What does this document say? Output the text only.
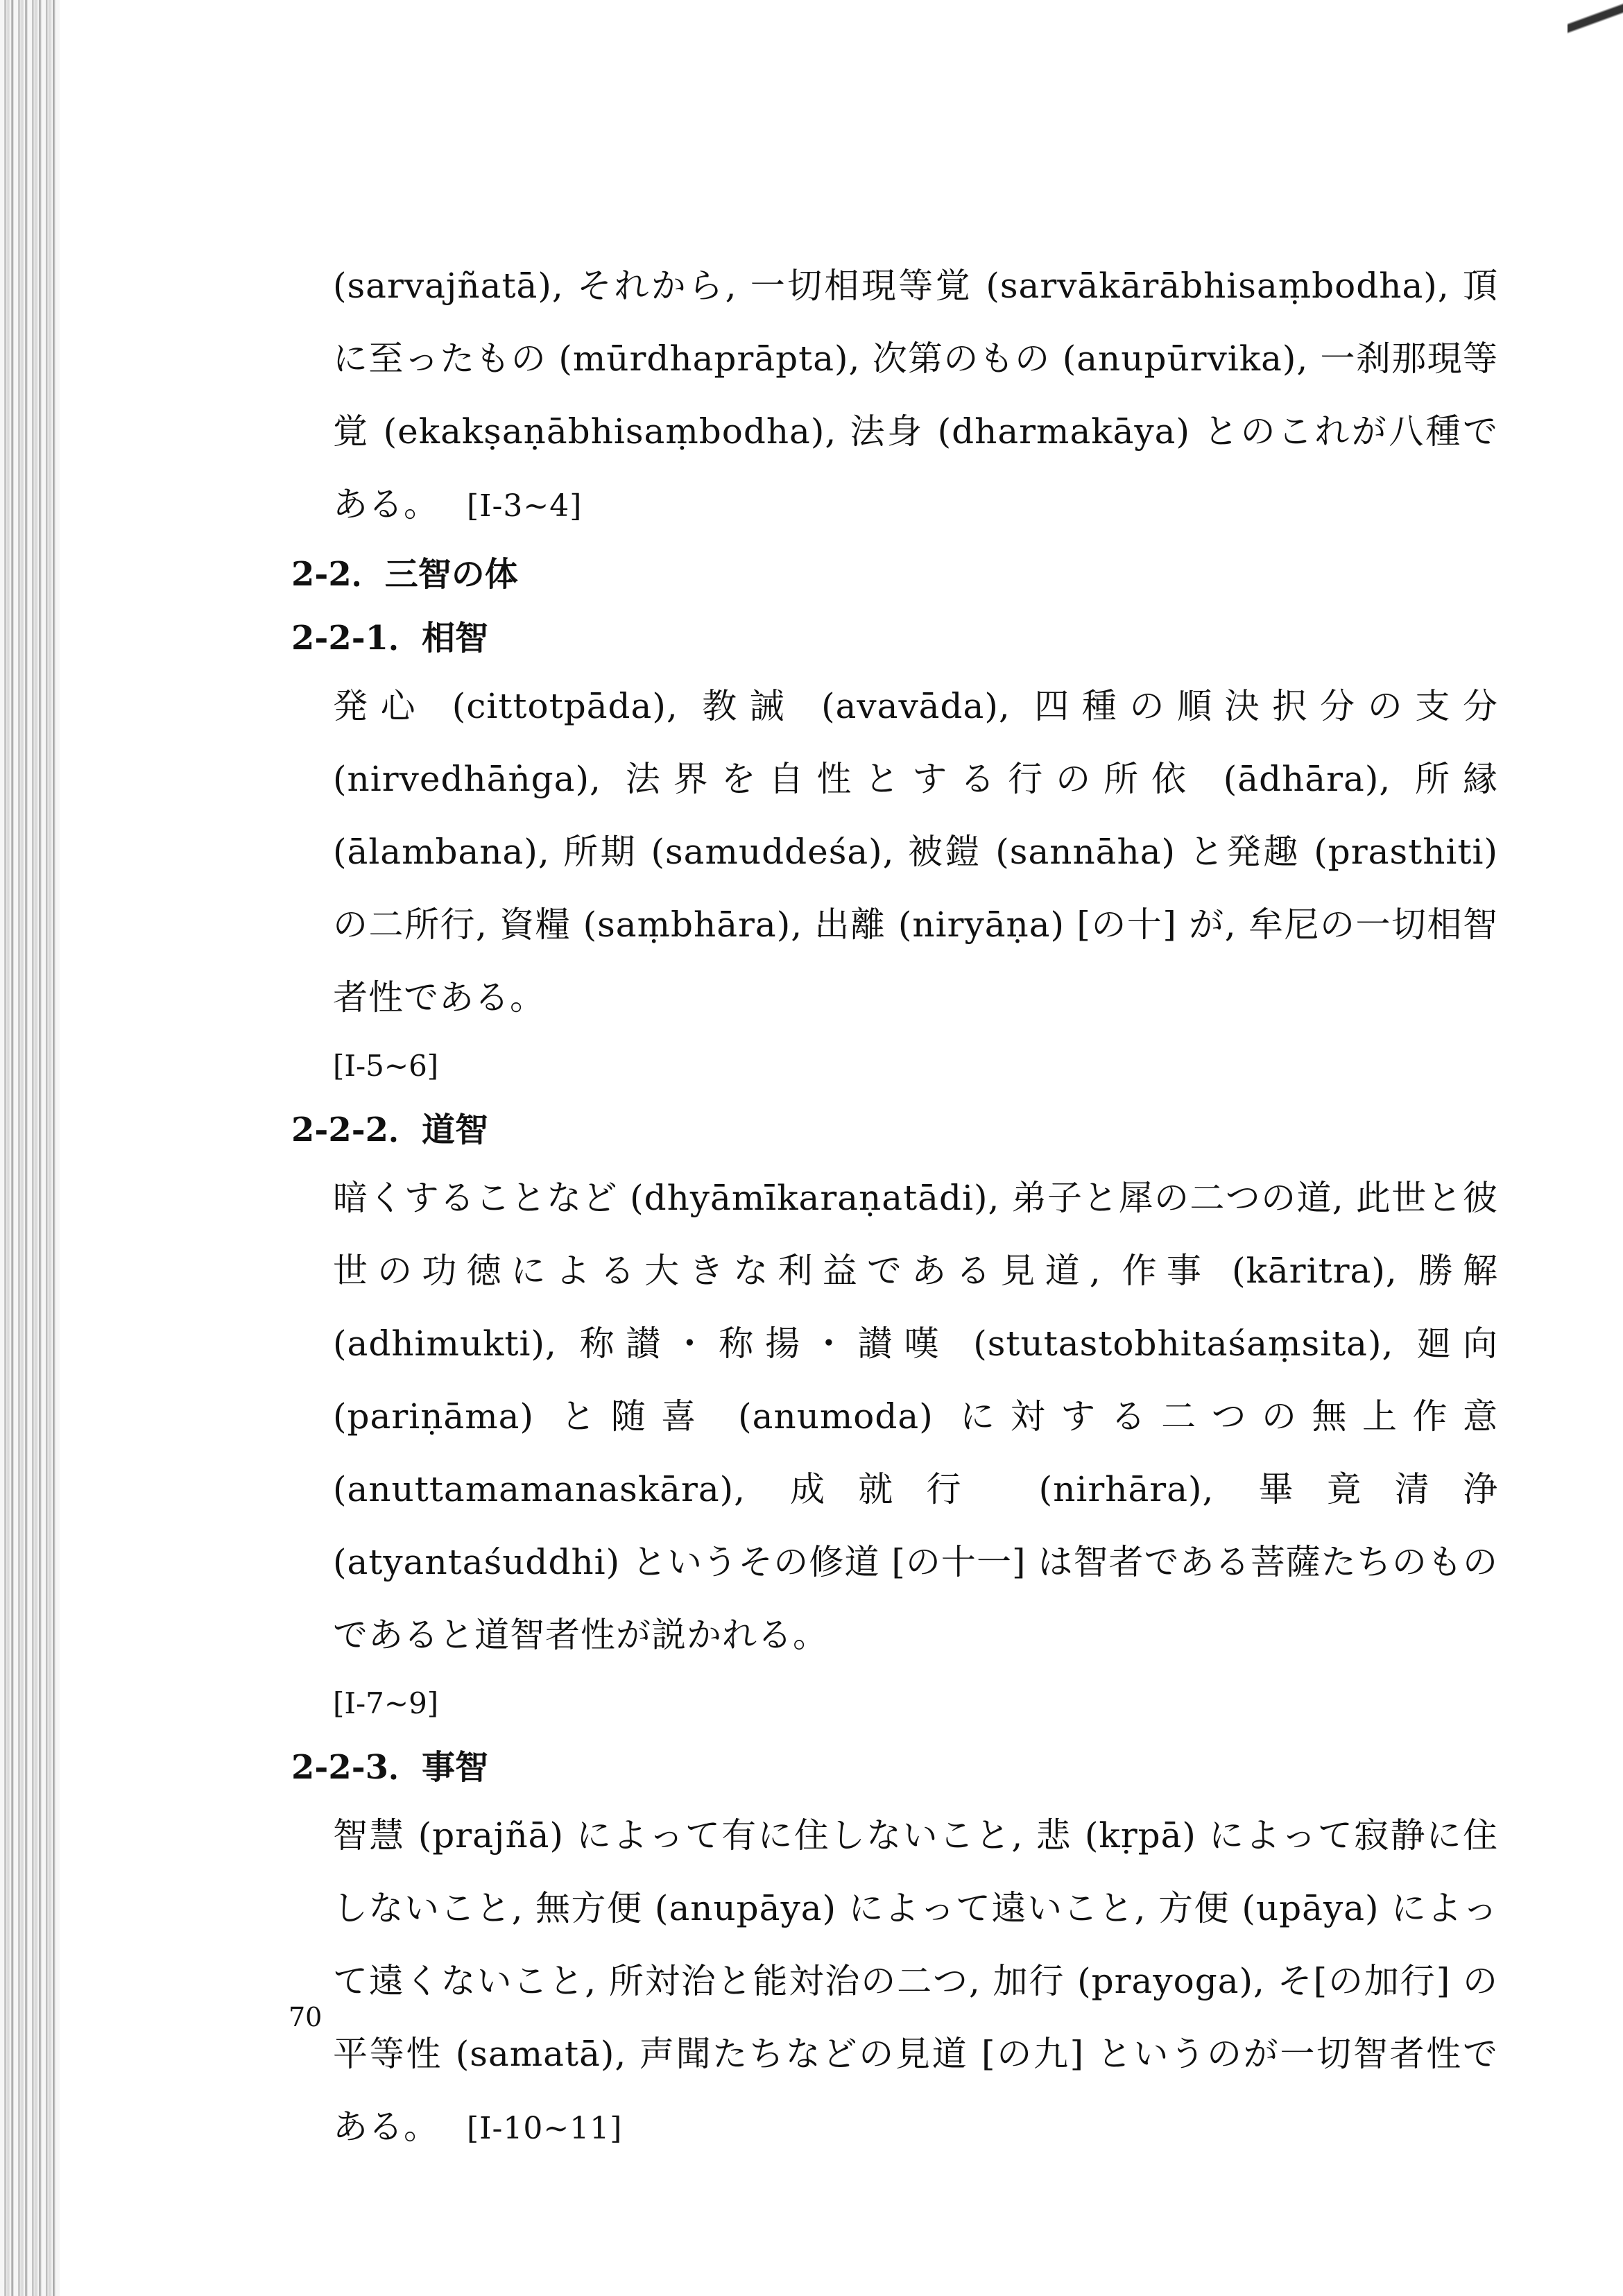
(sarvajñatā), それから, 一切相現等覚 (sarvākārābhisaṃbodha), 頂に至ったもの (mūrdhaprāpta), 次第のもの (anupūrvika), 一刹那現等覚 (ekakṣaṇābhisaṃbodha), 法身 (dharmakāya) とのこれが八種である。 [I-3~4]

2-2．三智の体
2-2-1．相智

発心 (cittotpāda), 教誡 (avavāda), 四種の順決択分の支分 (nirvedhāṅga), 法界を自性とする行の所依 (ādhāra), 所縁 (ālambana), 所期 (samuddeśa), 被鎧 (sannāha) と発趣 (prasthiti) の二所行, 資糧 (saṃbhāra), 出離 (niryāṇa) [の十] が, 牟尼の一切相智者性である。

[I-5~6]

2-2-2．道智

暗くすることなど (dhyāmīkaraṇatādi), 弟子と犀の二つの道, 此世と彼世の功徳による大きな利益である見道, 作事 (kāritra), 勝解 (adhimukti), 称讃・称揚・讃嘆 (stutastobhitaśaṃsita), 廻向 (pariṇāma) と随喜 (anumoda) に対する二つの無上作意 (anuttamamanaskāra), 成就行 (nirhāra), 畢竟清浄 (atyantaśuddhi) というその修道 [の十一] は智者である菩薩たちのものであると道智者性が説かれる。

[I-7~9]

2-2-3．事智

智慧 (prajñā) によって有に住しないこと, 悲 (kṛpā) によって寂静に住しないこと, 無方便 (anupāya) によって遠いこと, 方便 (upāya) によって遠くないこと, 所対治と能対治の二つ, 加行 (prayoga), そ[の加行] の平等性 (samatā), 声聞たちなどの見道 [の九] というのが一切智者性である。 [I-10~11]

70
